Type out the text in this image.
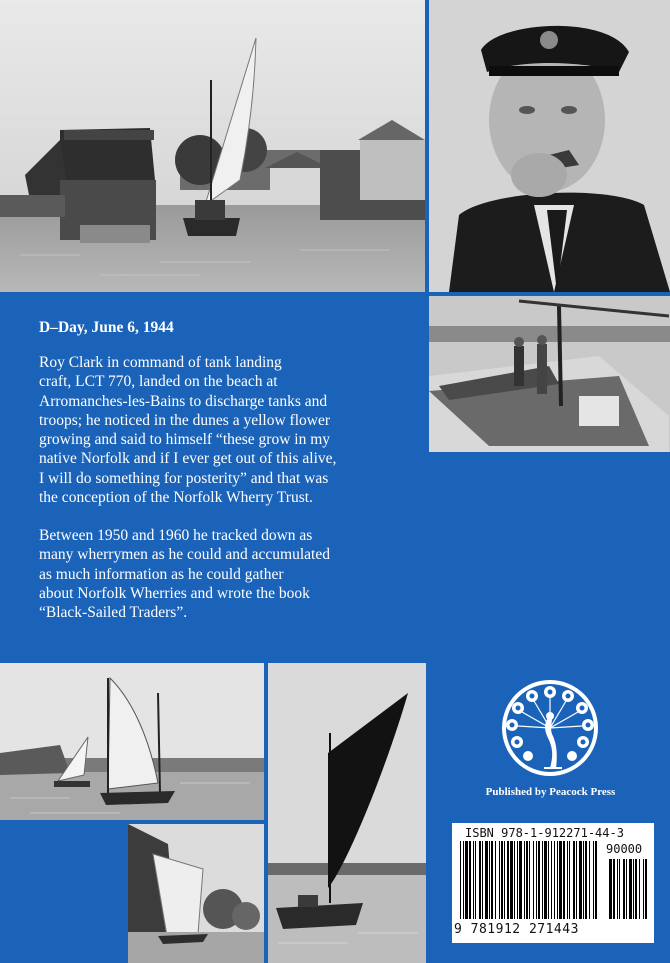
D–Day, June 6, 1944
Roy Clark in command of tank landing
craft, LCT 770, landed on the beach at
Arromanches-les-Bains to discharge tanks and
troops; he noticed in the dunes a yellow flower
growing and said to himself “these grow in my
native Norfolk and if I ever get out of this alive,
I will do something for posterity” and that was
the conception of the Norfolk Wherry Trust.
Between 1950 and 1960 he tracked down as
many wherrymen as he could and accumulated
as much information as he could gather
about Norfolk Wherries and wrote the book
“Black-Sailed Traders”.
Published by Peacock Press
ISBN 978-1-912271-44-3
90000
9 781912 271443
